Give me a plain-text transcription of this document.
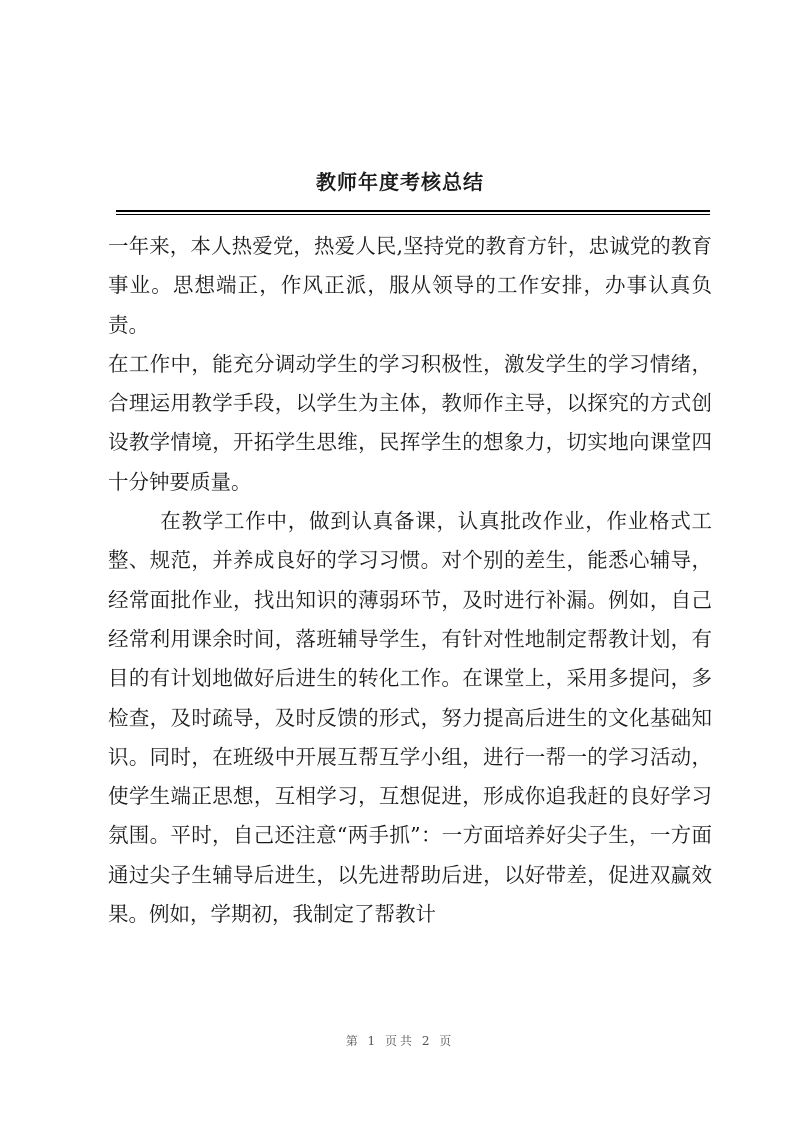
教师年度考核总结

一年来，本人热爱党，热爱人民,坚持党的教育方针，忠诚党的教育事业。思想端正，作风正派，服从领导的工作安排，办事认真负责。

在工作中，能充分调动学生的学习积极性，激发学生的学习情绪，合理运用教学手段，以学生为主体，教师作主导，以探究的方式创设教学情境，开拓学生思维，民挥学生的想象力，切实地向课堂四十分钟要质量。

在教学工作中，做到认真备课，认真批改作业，作业格式工整、规范，并养成良好的学习习惯。对个别的差生，能悉心辅导，经常面批作业，找出知识的薄弱环节，及时进行补漏。例如，自己经常利用课余时间，落班辅导学生，有针对性地制定帮教计划，有目的有计划地做好后进生的转化工作。在课堂上，采用多提问，多检查，及时疏导，及时反馈的形式，努力提高后进生的文化基础知识。同时，在班级中开展互帮互学小组，进行一帮一的学习活动，使学生端正思想，互相学习，互想促进，形成你追我赶的良好学习氛围。平时，自己还注意“两手抓”：一方面培养好尖子生，一方面通过尖子生辅导后进生，以先进帮助后进，以好带差，促进双赢效果。例如，学期初，我制定了帮教计

第 1 页共 2 页
